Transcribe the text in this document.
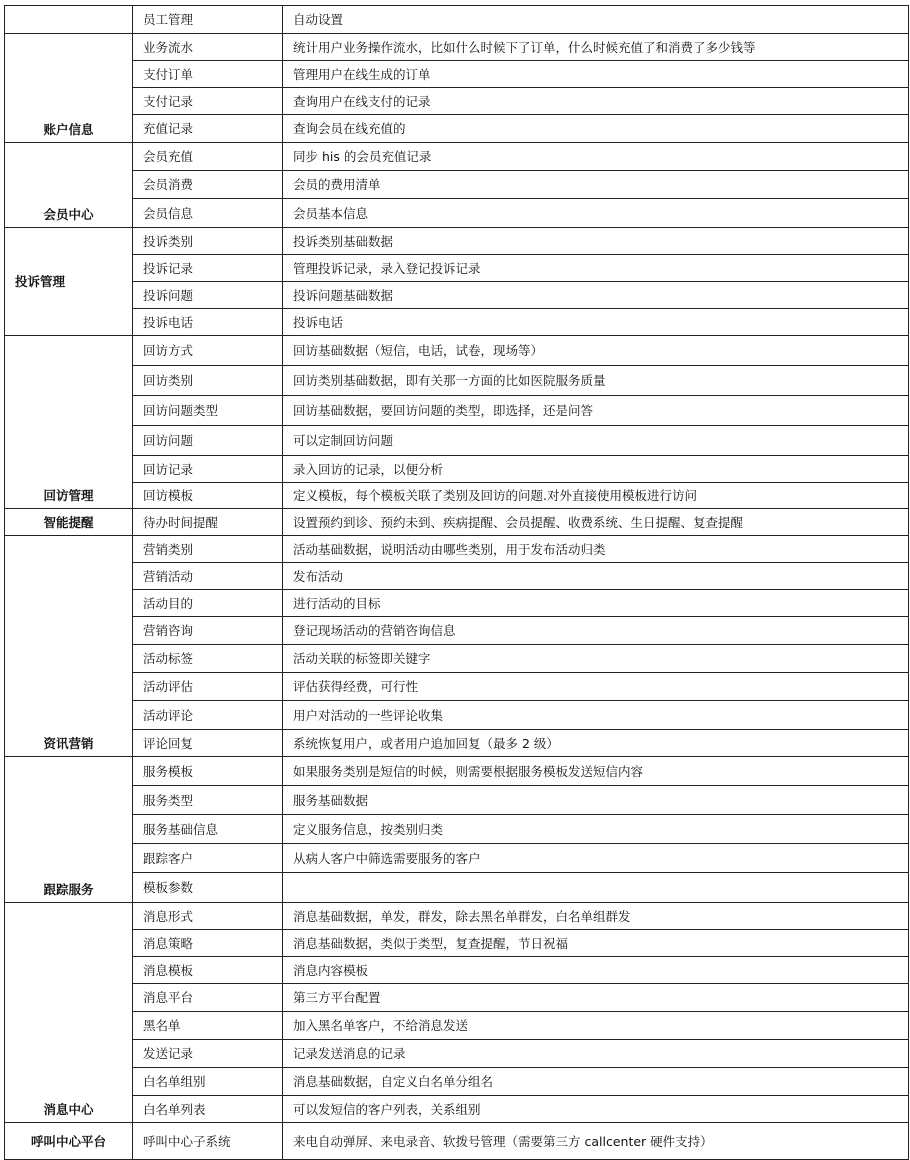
	员工管理	自动设置
账户信息	业务流水	统计用户业务操作流水，比如什么时候下了订单，什么时候充值了和消费了多少钱等
	支付订单	管理用户在线生成的订单
	支付记录	查询用户在线支付的记录
	充值记录	查询会员在线充值的
会员中心	会员充值	同步 his 的会员充值记录
	会员消费	会员的费用清单
	会员信息	会员基本信息
投诉管理	投诉类别	投诉类别基础数据
	投诉记录	管理投诉记录，录入登记投诉记录
	投诉问题	投诉问题基础数据
	投诉电话	投诉电话
回访管理	回访方式	回访基础数据（短信，电话，试卷，现场等）
	回访类别	回访类别基础数据，即有关那一方面的比如医院服务质量
	回访问题类型	回访基础数据，要回访问题的类型，即选择，还是问答
	回访问题	可以定制回访问题
	回访记录	录入回访的记录，以便分析
	回访模板	定义模板，每个模板关联了类别及回访的问题.对外直接使用模板进行访问
智能提醒	待办时间提醒	设置预约到诊、预约未到、疾病提醒、会员提醒、收费系统、生日提醒、复查提醒
资讯营销	营销类别	活动基础数据，说明活动由哪些类别，用于发布活动归类
	营销活动	发布活动
	活动目的	进行活动的目标
	营销咨询	登记现场活动的营销咨询信息
	活动标签	活动关联的标签即关键字
	活动评估	评估获得经费，可行性
	活动评论	用户对活动的一些评论收集
	评论回复	系统恢复用户，或者用户追加回复（最多 2 级）
跟踪服务	服务模板	如果服务类别是短信的时候，则需要根据服务模板发送短信内容
	服务类型	服务基础数据
	服务基础信息	定义服务信息，按类别归类
	跟踪客户	从病人客户中筛选需要服务的客户
	模板参数	
消息中心	消息形式	消息基础数据，单发，群发，除去黑名单群发，白名单组群发
	消息策略	消息基础数据，类似于类型，复查提醒，节日祝福
	消息模板	消息内容模板
	消息平台	第三方平台配置
	黑名单	加入黑名单客户，不给消息发送
	发送记录	记录发送消息的记录
	白名单组别	消息基础数据，自定义白名单分组名
	白名单列表	可以发短信的客户列表，关系组别
呼叫中心平台	呼叫中心子系统	来电自动弹屏、来电录音、软拨号管理（需要第三方 callcenter 硬件支持）
